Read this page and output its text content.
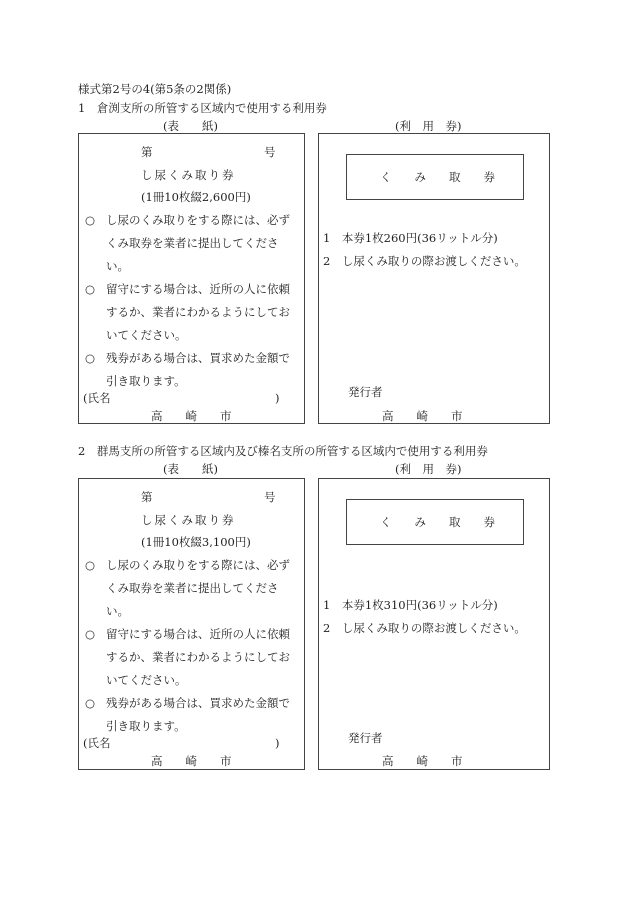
様式第2号の4(第5条の2関係)
1　倉渕支所の所管する区域内で使用する利用券
(表　　紙)	(利　用　券)
第	号
し尿くみ取り券
(1冊10枚綴2,600円)
○ し尿のくみ取りをする際には、必ず
くみ取券を業者に提出してくださ
い。
○ 留守にする場合は、近所の人に依頼
するか、業者にわかるようにしてお
いてください。
○ 残券がある場合は、買求めた金額で
引き取ります。
(氏名	)
高　　崎　　市
く　　み　　取　　券
1　本券1枚260円(36リットル分)
2　し尿くみ取りの際お渡しください。
発行者
高　　崎　　市
2　群馬支所の所管する区域内及び榛名支所の所管する区域内で使用する利用券
(表　　紙)	(利　用　券)
第	号
し尿くみ取り券
(1冊10枚綴3,100円)
○ し尿のくみ取りをする際には、必ず
くみ取券を業者に提出してくださ
い。
○ 留守にする場合は、近所の人に依頼
するか、業者にわかるようにしてお
いてください。
○ 残券がある場合は、買求めた金額で
引き取ります。
(氏名	)
高　　崎　　市
く　　み　　取　　券
1　本券1枚310円(36リットル分)
2　し尿くみ取りの際お渡しください。
発行者
高　　崎　　市
